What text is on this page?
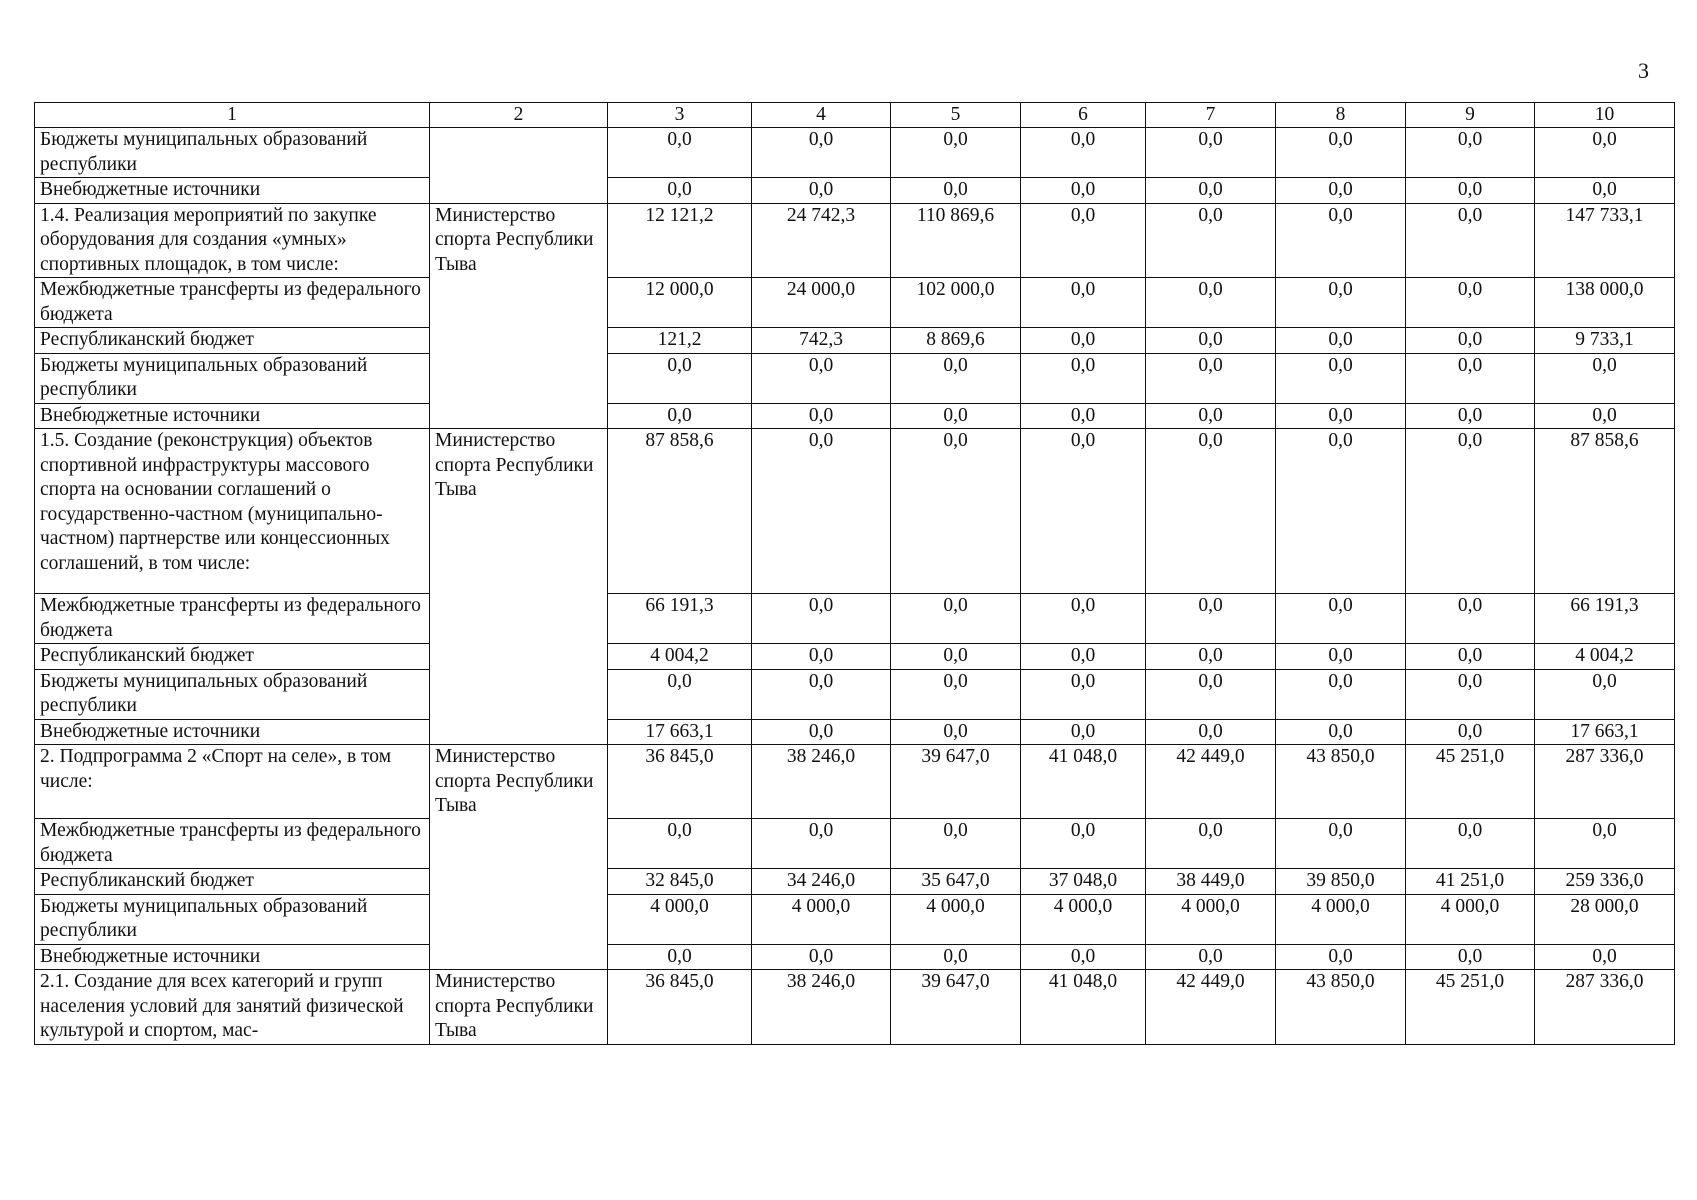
3
1	2	3	4	5	6	7	8	9	10
Бюджеты муниципальных образований республики		0,0	0,0	0,0	0,0	0,0	0,0	0,0	0,0
Внебюджетные источники		0,0	0,0	0,0	0,0	0,0	0,0	0,0	0,0
1.4. Реализация мероприятий по закупке оборудования для создания «умных» спортивных площадок, в том числе:	Министерство спорта Республики Тыва	12 121,2	24 742,3	110 869,6	0,0	0,0	0,0	0,0	147 733,1
Межбюджетные трансферты из федерального бюджета		12 000,0	24 000,0	102 000,0	0,0	0,0	0,0	0,0	138 000,0
Республиканский бюджет		121,2	742,3	8 869,6	0,0	0,0	0,0	0,0	9 733,1
Бюджеты муниципальных образований республики		0,0	0,0	0,0	0,0	0,0	0,0	0,0	0,0
Внебюджетные источники		0,0	0,0	0,0	0,0	0,0	0,0	0,0	0,0
1.5. Создание (реконструкция) объектов спортивной инфраструктуры массового спорта на основании соглашений о государственно-частном (муниципально-частном) партнерстве или концессионных соглашений, в том числе:	Министерство спорта Республики Тыва	87 858,6	0,0	0,0	0,0	0,0	0,0	0,0	87 858,6
Межбюджетные трансферты из федерального бюджета		66 191,3	0,0	0,0	0,0	0,0	0,0	0,0	66 191,3
Республиканский бюджет		4 004,2	0,0	0,0	0,0	0,0	0,0	0,0	4 004,2
Бюджеты муниципальных образований республики		0,0	0,0	0,0	0,0	0,0	0,0	0,0	0,0
Внебюджетные источники		17 663,1	0,0	0,0	0,0	0,0	0,0	0,0	17 663,1
2. Подпрограмма 2 «Спорт на селе», в том числе:	Министерство спорта Республики Тыва	36 845,0	38 246,0	39 647,0	41 048,0	42 449,0	43 850,0	45 251,0	287 336,0
Межбюджетные трансферты из федерального бюджета		0,0	0,0	0,0	0,0	0,0	0,0	0,0	0,0
Республиканский бюджет		32 845,0	34 246,0	35 647,0	37 048,0	38 449,0	39 850,0	41 251,0	259 336,0
Бюджеты муниципальных образований республики		4 000,0	4 000,0	4 000,0	4 000,0	4 000,0	4 000,0	4 000,0	28 000,0
Внебюджетные источники		0,0	0,0	0,0	0,0	0,0	0,0	0,0	0,0
2.1. Создание для всех категорий и групп населения условий для занятий физической культурой и спортом, мас-	Министерство спорта Республики Тыва	36 845,0	38 246,0	39 647,0	41 048,0	42 449,0	43 850,0	45 251,0	287 336,0
